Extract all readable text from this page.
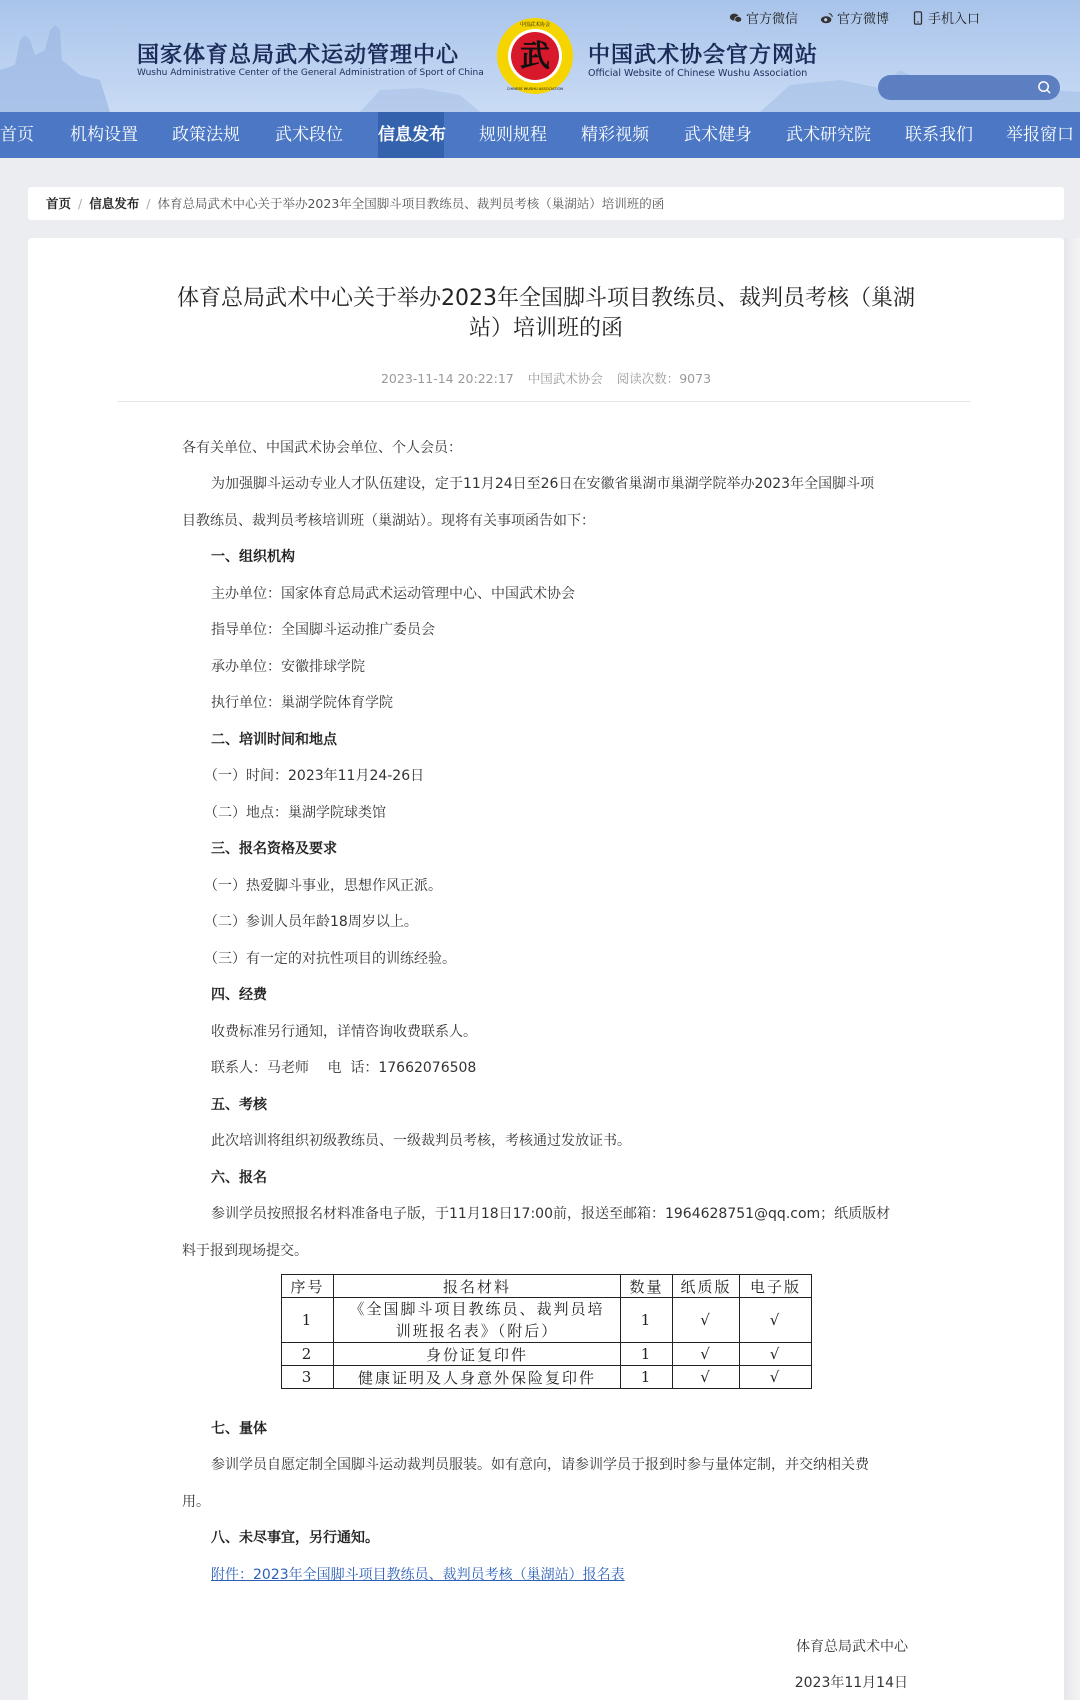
官方微信	官方微博	手机入口
国家体育总局武术运动管理中心
Wushu Administrative Center of the General Administration of Sport of China 武
中国武术协会
CHINESE WUSHU ASSOCIATION
中国武术协会官方网站
Official Website of Chinese Wushu Association
首页 机构设置 政策法规 武术段位 信息发布 规则规程 精彩视频 武术健身 武术研究院 联系我们 举报窗口
首页 / 信息发布 / 体育总局武术中心关于举办2023年全国脚斗项目教练员、裁判员考核（巢湖站）培训班的函
体育总局武术中心关于举办2023年全国脚斗项目教练员、裁判员考核（巢湖
站）培训班的函
2023-11-14 20:22:17 中国武术协会 阅读次数：9073
各有关单位、中国武术协会单位、个人会员：
为加强脚斗运动专业人才队伍建设，定于11月24日至26日在安徽省巢湖市巢湖学院举办2023年全国脚斗项
目教练员、裁判员考核培训班（巢湖站）。现将有关事项函告如下：
一、组织机构
主办单位：国家体育总局武术运动管理中心、中国武术协会
指导单位：全国脚斗运动推广委员会
承办单位：安徽排球学院
执行单位：巢湖学院体育学院
二、培训时间和地点
（一）时间：2023年11月24-26日
（二）地点：巢湖学院球类馆
三、报名资格及要求
（一）热爱脚斗事业，思想作风正派。
（二）参训人员年龄18周岁以上。
（三）有一定的对抗性项目的训练经验。
四、经费
收费标准另行通知，详情咨询收费联系人。
联系人：马老师　 电  话：17662076508
五、考核
此次培训将组织初级教练员、一级裁判员考核，考核通过发放证书。
六、报名
参训学员按照报名材料准备电子版，于11月18日17:00前，报送至邮箱：1964628751@qq.com；纸质版材
料于报到现场提交。
序号	报名材料	数量	纸质版	电子版
1	《全国脚斗项目教练员、裁判员培
训班报名表》（附后）	1	√	√
2	身份证复印件	1	√	√
3	健康证明及人身意外保险复印件	1	√	√
七、量体
参训学员自愿定制全国脚斗运动裁判员服装。如有意向，请参训学员于报到时参与量体定制，并交纳相关费
用。
八、未尽事宜，另行通知。
附件：2023年全国脚斗项目教练员、裁判员考核（巢湖站）报名表
体育总局武术中心
2023年11月14日
